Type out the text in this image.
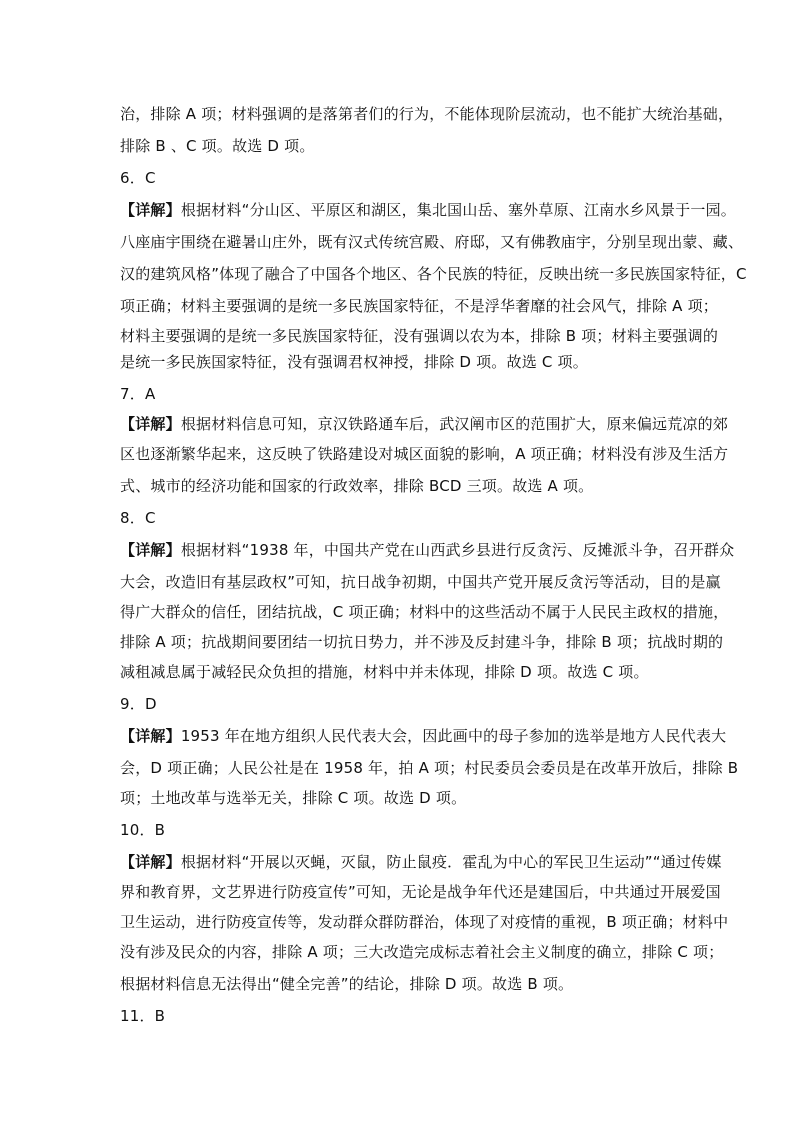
治，排除 A 项；材料强调的是落第者们的行为，不能体现阶层流动，也不能扩大统治基础，
排除 B 、C 项。故选 D 项。
6．C
【详解】根据材料“分山区、平原区和湖区，集北国山岳、塞外草原、江南水乡风景于一园。
八座庙宇围绕在避暑山庄外，既有汉式传统宫殿、府邸，又有佛教庙宇，分别呈现出蒙、藏、
汉的建筑风格”体现了融合了中国各个地区、各个民族的特征，反映出统一多民族国家特征，C
项正确；材料主要强调的是统一多民族国家特征，不是浮华奢靡的社会风气，排除 A 项；
材料主要强调的是统一多民族国家特征，没有强调以农为本，排除 B 项；材料主要强调的
是统一多民族国家特征，没有强调君权神授，排除 D 项。故选 C 项。
7．A
【详解】根据材料信息可知，京汉铁路通车后，武汉阐市区的范围扩大，原来偏远荒凉的郊
区也逐渐繁华起来，这反映了铁路建设对城区面貌的影响，A 项正确；材料没有涉及生活方
式、城市的经济功能和国家的行政效率，排除 BCD 三项。故选 A 项。
8．C
【详解】根据材料“1938 年，中国共产党在山西武乡县进行反贪污、反摊派斗争，召开群众
大会，改造旧有基层政权”可知，抗日战争初期，中国共产党开展反贪污等活动，目的是赢
得广大群众的信任，团结抗战，C 项正确；材料中的这些活动不属于人民民主政权的措施，
排除 A 项；抗战期间要团结一切抗日势力，并不涉及反封建斗争，排除 B 项；抗战时期的
减租减息属于减轻民众负担的措施，材料中并未体现，排除 D 项。故选 C 项。
9．D
【详解】1953 年在地方组织人民代表大会，因此画中的母子参加的选举是地方人民代表大
会，D 项正确；人民公社是在 1958 年，拍 A 项；村民委员会委员是在改革开放后，排除 B
项；土地改革与选举无关，排除 C 项。故选 D 项。
10．B
【详解】根据材料“开展以灭蝇，灭鼠，防止鼠疫．霍乱为中心的军民卫生运动”“通过传媒
界和教育界，文艺界进行防疫宣传”可知，无论是战争年代还是建国后，中共通过开展爱国
卫生运动，进行防疫宣传等，发动群众群防群治，体现了对疫情的重视，B 项正确；材料中
没有涉及民众的内容，排除 A 项；三大改造完成标志着社会主义制度的确立，排除 C 项；
根据材料信息无法得出“健全完善”的结论，排除 D 项。故选 B 项。
11．B
